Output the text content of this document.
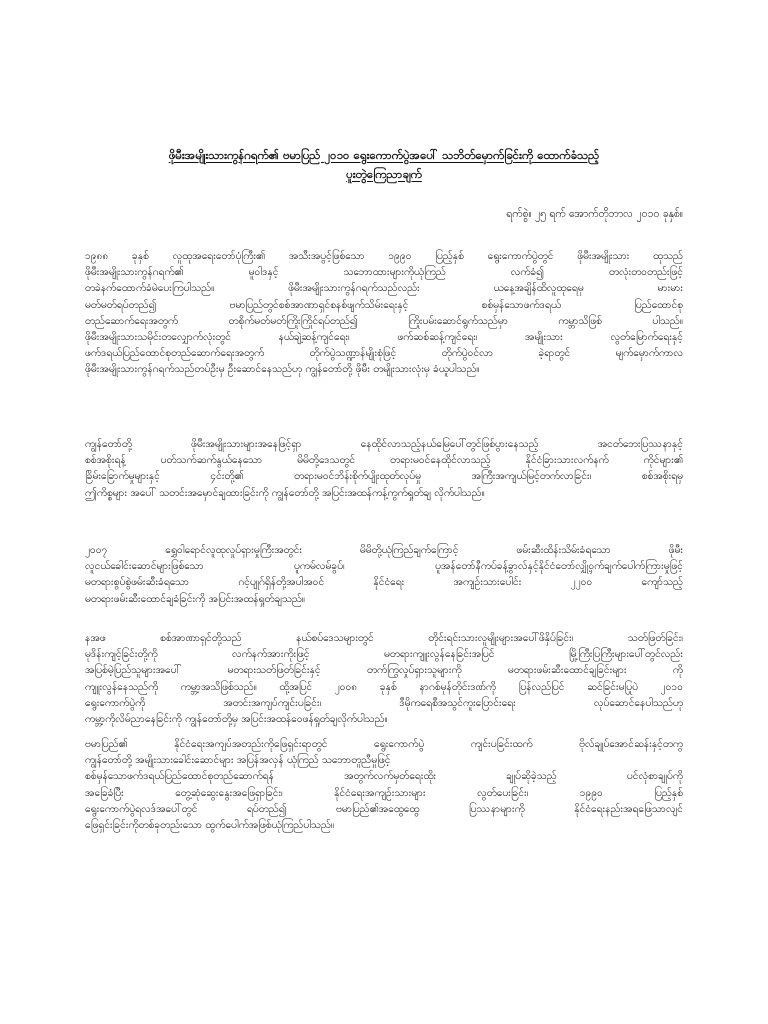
ဖိုမီးအမျိုးသားကွန်ဂရက်၏ ဗမာပြည် ၂၀၁၀ ရွေးကောက်ပွဲအပေါ် သဘိတ်မှောက်ခြင်းကို ထောက်ခံသည့်
ပူးတွဲကြေညာချက်
ရက်စွဲ။ ၂၅ ရက် အောက်တိုဘာလ ၂၀၁၀ ခုနှစ်။
၁၉၈၈ ခုနှစ် လူထုအရေးတော်ပုံကြီး၏ အသီးအပွင့်ဖြစ်သော ၁၉၉၀ ပြည့်နှစ် ရွေးကောက်ပွဲတွင် ဖိုမီးအမျိုးသား ထုသည်
ဖိုမီးအမျိုးသားကွန်ဂရက်၏ မူဝါဒနှင့် သဘောထားများကိုယုံကြည် လက်ခံ၍ တလုံးတဝတည်းဖြင့်
တခဲနက်ထောက်ခံမဲပေးကြပါသည်။ ဖိုမီးအမျိုးသားကွန်ဂရက်သည်လည်း ယနေ့အချိန်ထိလူထုရေမှ မားမား
မတ်မတ်ရပ်တည်၍ ဗမာပြည်တွင်စစ်အာဏာရှင်စနစ်ဖျက်သိမ်းရေးနှင့် စစ်မှန်သောဖက်ဒရယ် ပြည်ထောင်စု
တည်ဆောက်ရေးအတွက် တစိုက်မတ်မတ်ကြိုးကြိုင်ရပ်တည်၍ ကြိုးပမ်းဆောင်ရွက်သည်မှာ ကမ္ဘာသိဖြစ် ပါသည်။
ဖိုမီးအမျိုးသားသမိုင်းတလျှောက်လုံးတွင် နယ်ချဲ့ဆန့်ကျင်ရေး၊ ဖက်ဆစ်ဆန့်ကျင်ရေး၊ အမျိုးသား လွတ်မြောက်ရေးနှင့်
ဖက်ဒရယ်ပြည်ထောင်စုတည်ဆောက်ရေးအတွက် တိုက်ပွဲသဏ္ဍာန်မျိုးစုံဖြင့် တိုက်ပွဲဝင်လာ ခဲ့ရာတွင် မျက်မှောက်ကာလ
ဖိုမီးအမျိုးသားကွန်ဂရက်သည်တပ်ဦးမှ ဦးဆောင်နေသည်ဟု ကျွန်တော်တို့ ဖိုမီး တမျိုးသားလုံးမှ ခံယူပါသည်။
ကျွန်တော်တို့ ဖိုမီးအမျိုးသားများအနေဖြင့်ရှာ နေထိုင်လာသည့်နယ်မြေပေါ်တွင်ဖြစ်ပွားနေသည့် အငတ်ဘေးပြဿနာနှင့်
စစ်အစိုးရန့် ပတ်သက်ဆက်နွယ်နေသော မိမိတို့ဒေသတွင် တရားမဝင်နေထိုင်လာသည့် နိုင်ငံခြားသားလက်နက် ကိုင်များ၏
ခြိမ်းခြောက်မှုများနှင့် ၄င်းတို့၏ တရားမဝင်ဘိန်းစိုက်ပျိုးထုတ်လုပ်မှု အကြီးအကျယ်မြင့်တက်လာခြင်း၊ စစ်အစိုးရမှ
ဤကိစ္စများ အပေါ် သတင်းအမှောင်ချထားခြင်းကို ကျွန်တော်တို့ အပြင်းအထန်ကန့်ကွက်ရှုတ်ချ လိုက်ပါသည်။
၂၀၀၇ ရွှေဝါရောင်လူထုလှုပ်ရှားမှုကြီးအတွင်း မိမိတို့ယုံကြည်ချက်ကြောင့် ဖမ်းဆီးထိန်းသိမ်းခံရသော ဖိုမီး
လူငယ်ခေါင်းဆောင်များဖြစ်သော ပူကမ်လမ်ခွပ်၊ ပူအန်တော်နီကပ်ခန့်ခွာလ်နှင့်နိုင်ငံတော်လျှို့ဝှက်ချက်ပေါက်ကြားမှုဖြင့်
မတရားစွပ်စွဲဖမ်းဆီးခံရသော ဂင့်ပျုဂ်ရှိန်တို့အပါအဝင် နိုင်ငံရေး အကျဉ်းသားပေါင်း ၂၂၀၀ ကျော်သည့်
မတရားဖမ်းဆီးထောင်ချခံခြင်းကို အပြင်းအထန်ရှုတ်ချသည်။
နအဖ စစ်အာဏာရှင်တို့သည် နယ်စပ်ဒေသများတွင် တိုင်းရင်းသားလူမျိုးများအပေါ်ဖိနှိပ်ခြင်း၊ သတ်ဖြတ်ခြင်း၊
မုဒိန်းကျင့်ခြင်းတို့ကို လက်နက်အားကိုးဖြင့် မတရားကျူးလွန်နေခြင်းအပြင် မြို့ကြီးပြကြီးများပေါ်တွင်လည်း
အပြစ်မဲ့ပြည်သူများအပေါ် မတရားသတ်ဖြတ်ခြင်းနှင့် တက်ကြွလှုပ်ရှားသူများကို မတရားဖမ်းဆီးထောင်ချခြင်းများ ကို
ကျူးလွန်နေသည်ကို ကမ္ဘာ့အသိဖြစ်သည်။ ထို့အပြင် ၂၀၀၈ ခုနှစ် နာဂစ်မုန်တိုင်းဒဏ်ကို ပြန်လည်ပြင် ဆင်ခြင်းမပြုပဲ ၂၀၁၀
ရွေးကောက်ပွဲကို အတင်းအကျပ်ကျင်းပခြင်း၊ ဒီမိုကရေစီအသွင်ကူးပြောင်းရေး လုပ်ဆောင်နေပါသည်ဟု
ကမ္ဘာ့ကိုလိမ်ညာနေခြင်းကို ကျွန်တော်တို့မှ အပြင်းအထန်ဝေဖန်ရှုတ်ချလိုက်ပါသည်။
ဗမာပြည်၏ နိုင်ငံရေးအကျပ်အတည်းကိုဖြေရှင်းရာတွင် ရွေးကောက်ပွဲ ကျင်းပခြင်းထက် ဗိုလ်ချုပ်အောင်ဆန်းနှင့်တကွ
ကျွန်တော်တို့ အမျိုးသားခေါင်းဆောင်များ အပြန်အလှန် ယုံကြည် သဘောတူညီမှုဖြင့်
စစ်မှန်သောဖက်ဒရယ်ပြည်ထောင်စုတည်ဆောက်ရန် အတွက်လက်မှတ်ရေးထိုး ချုပ်ဆိုခဲ့သည့် ပင်လုံစာချုပ်ကို
အခြေခံပြီး တွေ့ဆုံဆွေးနွေးအဖြေရှာခြင်း၊ နိုင်ငံရေးအကျဉ်းသားများ လွတ်ပေးခြင်း၊ ၁၉၉၀ ပြည့်နှစ်
ရွေးကောက်ပွဲရလဒ်အပေါ်တွင် ရပ်တည်၍ ဗမာပြည်၏အထွေထွေ ပြဿနာများကို နိုင်ငံရေးနည်းအရဖြေသာလျင်
ဖြေရှင်းခြင်းကိုတစ်ခုတည်းသော ထွက်ပေါက်အဖြစ်ယုံကြည်ပါသည်။
